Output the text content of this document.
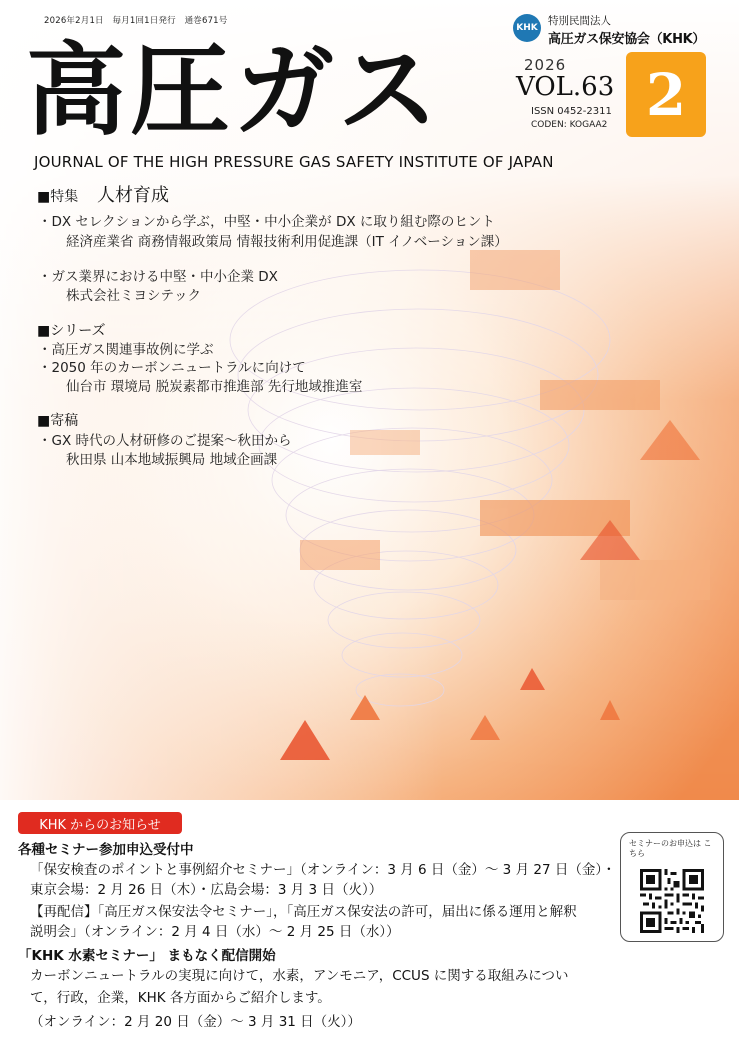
2026年2月1日　毎月1回1日発行　通巻671号
KHK
特別民間法人
高圧ガス保安協会（KHK）
高圧ガス	2026
VOL.63
ISSN 0452-2311
CODEN: KOGAA2 2
JOURNAL OF THE HIGH PRESSURE GAS SAFETY INSTITUTE OF JAPAN
■特集 人材育成
・DX セレクションから学ぶ，中堅・中小企業が DX に取り組む際のヒント
経済産業省 商務情報政策局 情報技術利用促進課（IT イノベーション課）
・ガス業界における中堅・中小企業 DX
株式会社ミヨシテック
■シリーズ
・高圧ガス関連事故例に学ぶ
・2050 年のカーボンニュートラルに向けて
仙台市 環境局 脱炭素都市推進部 先行地域推進室
■寄稿
・GX 時代の人材研修のご提案～秋田から
秋田県 山本地域振興局 地域企画課
KHK からのお知らせ
各種セミナー参加申込受付中
「保安検査のポイントと事例紹介セミナー」（オンライン：3 月 6 日（金）～ 3 月 27 日（金）・
東京会場：2 月 26 日（木）・広島会場：3 月 3 日（火））
【再配信】「高圧ガス保安法令セミナー」，「高圧ガス保安法の許可，届出に係る運用と解釈
説明会」（オンライン：2 月 4 日（水）～ 2 月 25 日（水））
「KHK 水素セミナー」 まもなく配信開始
カーボンニュートラルの実現に向けて，水素，アンモニア，CCUS に関する取組みについ
て，行政，企業，KHK 各方面からご紹介します。
（オンライン：2 月 20 日（金）～ 3 月 31 日（火））
セミナーのお申込は こちら
